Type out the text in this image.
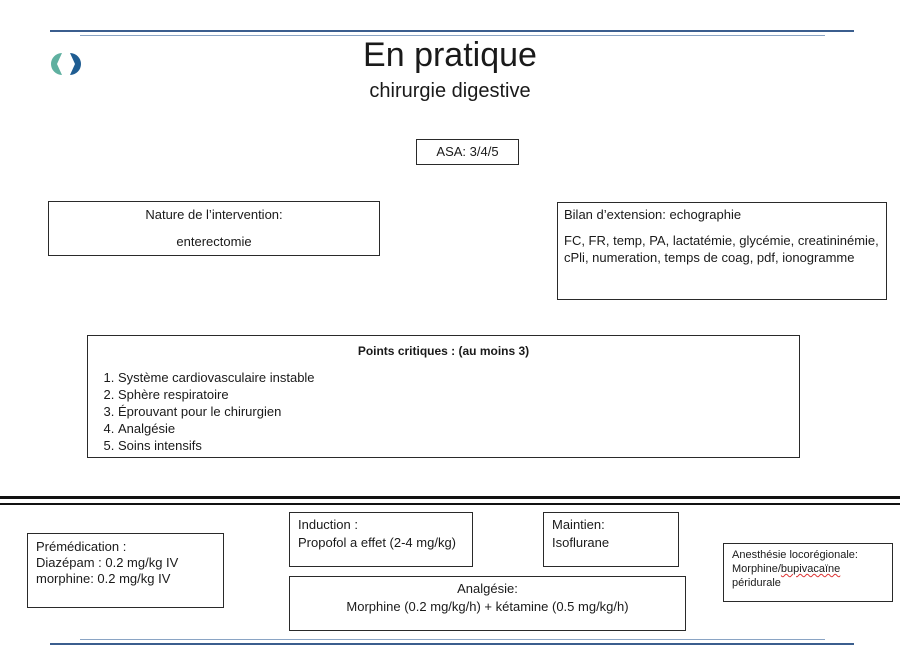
En pratique
chirurgie digestive
ASA: 3/4/5
Nature de l’intervention:
enterectomie
Bilan d’extension: echographie
FC, FR, temp, PA, lactatémie, glycémie, creatininémie, cPli, numeration, temps de coag, pdf, ionogramme
Points critiques : (au moins 3)
1. Système cardiovasculaire instable
2. Sphère respiratoire
3. Éprouvant pour le chirurgien
4. Analgésie
5. Soins intensifs
Prémédication :
Diazépam : 0.2 mg/kg IV
morphine: 0.2 mg/kg IV
Induction :
Propofol a effet (2-4 mg/kg)
Maintien:
Isoflurane
Analgésie:
Morphine (0.2 mg/kg/h) + kétamine (0.5 mg/kg/h)
Anesthésie locorégionale:
Morphine/bupivacaïne
péridurale
